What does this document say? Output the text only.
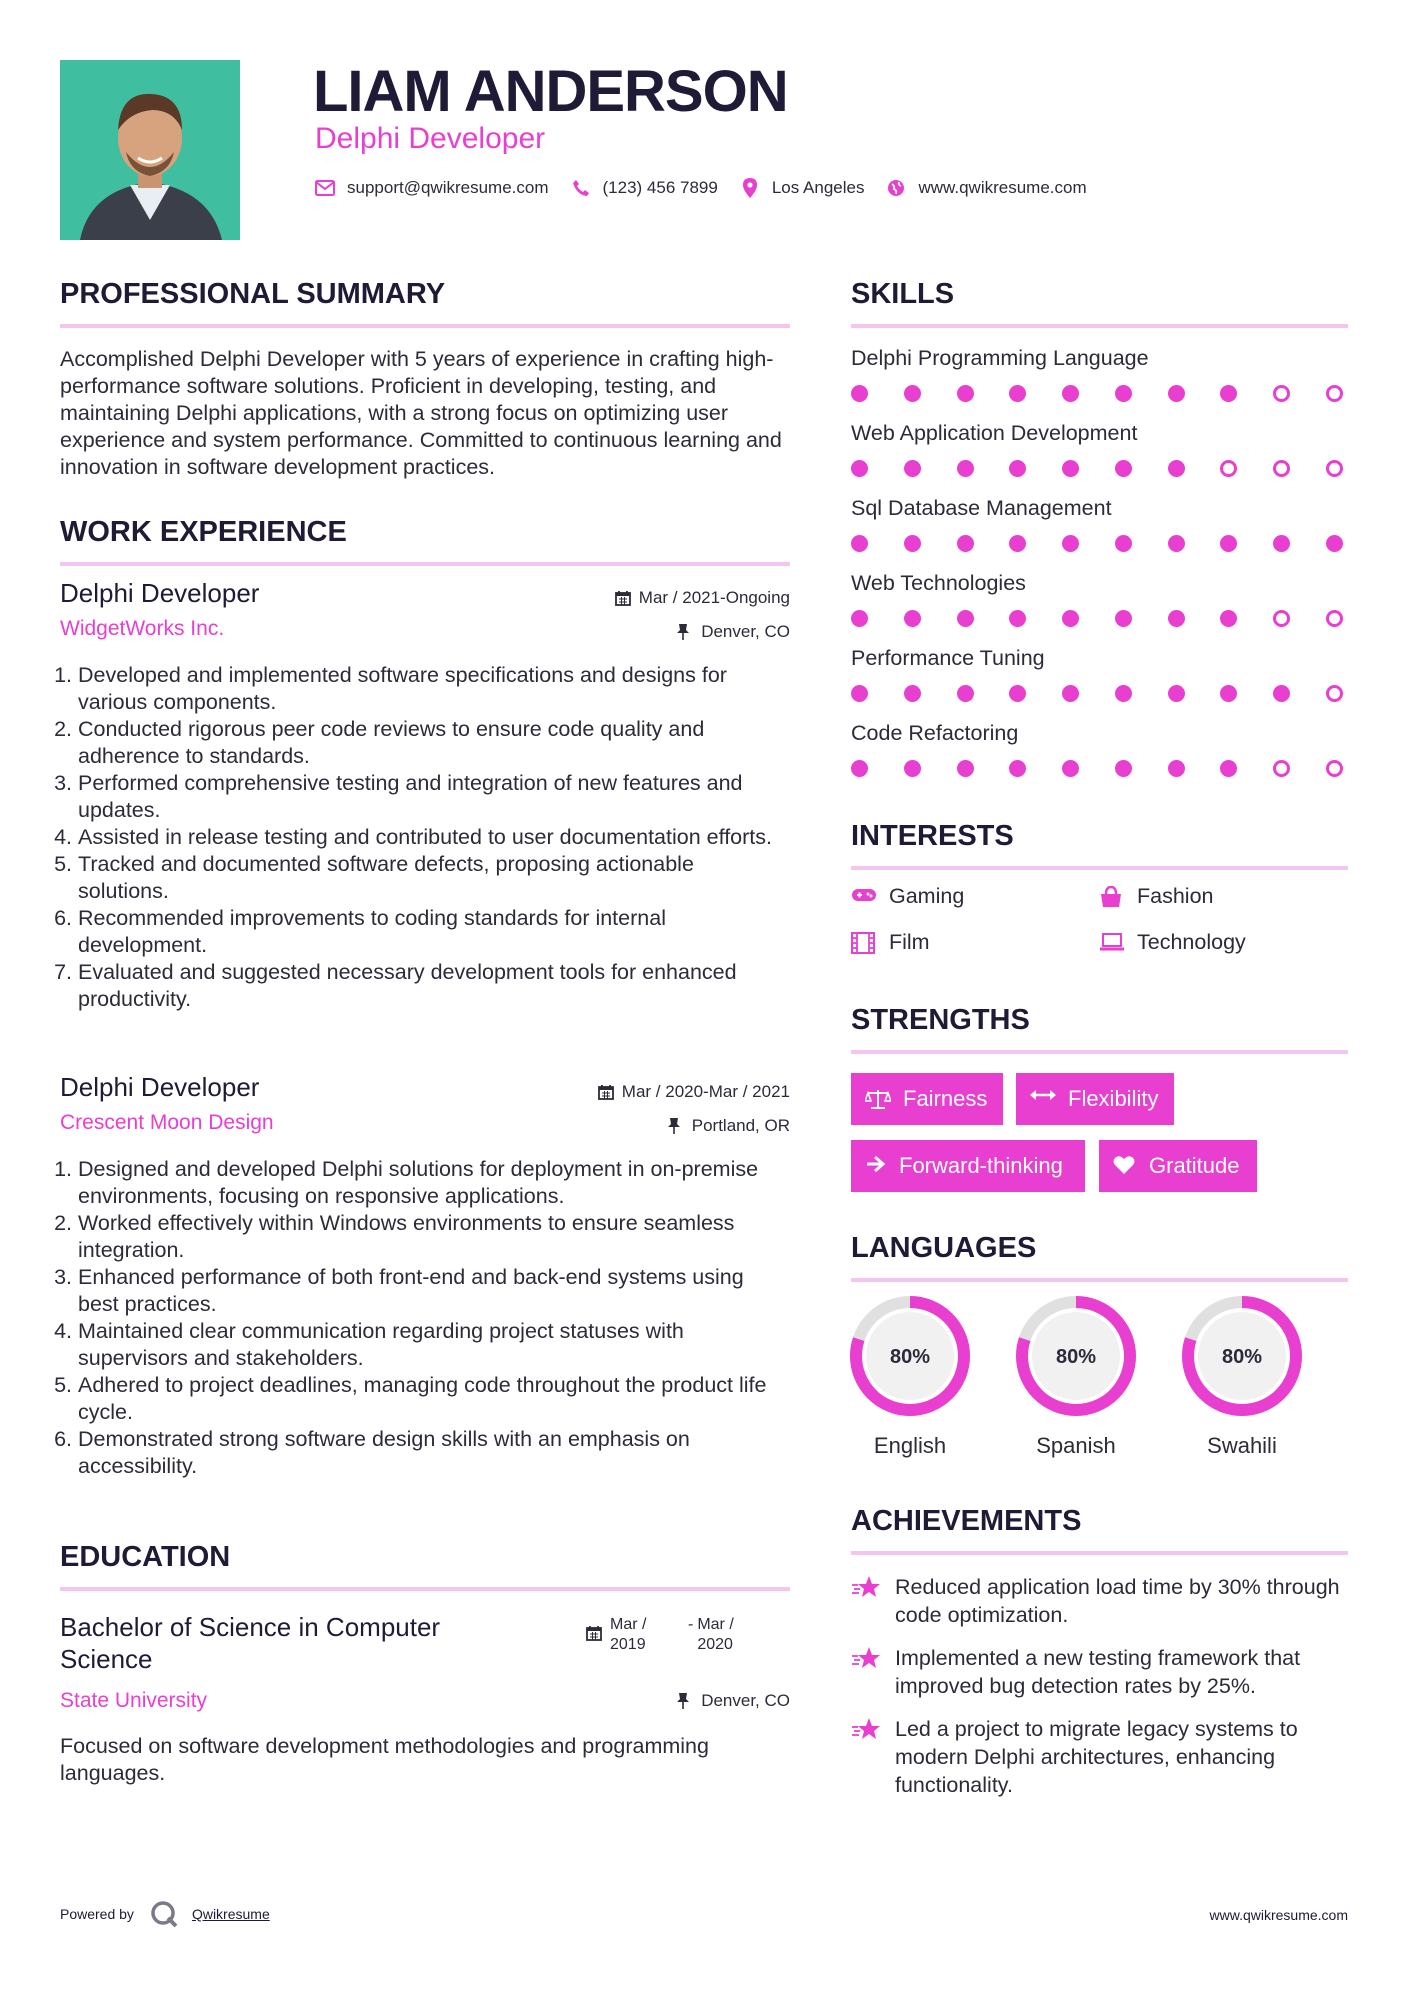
LIAM ANDERSON
Delphi Developer
support@qwikresume.com	(123) 456 7899	Los Angeles	www.qwikresume.com
PROFESSIONAL SUMMARY
Accomplished Delphi Developer with 5 years of experience in crafting high-performance software solutions. Proficient in developing, testing, and maintaining Delphi applications, with a strong focus on optimizing user experience and system performance. Committed to continuous learning and innovation in software development practices.
WORK EXPERIENCE
Delphi Developer
WidgetWorks Inc.
Mar / 2021-Ongoing
Denver, CO
1. Developed and implemented software specifications and designs for various components.
2. Conducted rigorous peer code reviews to ensure code quality and adherence to standards.
3. Performed comprehensive testing and integration of new features and updates.
4. Assisted in release testing and contributed to user documentation efforts.
5. Tracked and documented software defects, proposing actionable solutions.
6. Recommended improvements to coding standards for internal development.
7. Evaluated and suggested necessary development tools for enhanced productivity.
Delphi Developer
Crescent Moon Design
Mar / 2020-Mar / 2021
Portland, OR
1. Designed and developed Delphi solutions for deployment in on-premise environments, focusing on responsive applications.
2. Worked effectively within Windows environments to ensure seamless integration.
3. Enhanced performance of both front-end and back-end systems using best practices.
4. Maintained clear communication regarding project statuses with supervisors and stakeholders.
5. Adhered to project deadlines, managing code throughout the product life cycle.
6. Demonstrated strong software design skills with an emphasis on accessibility.
EDUCATION
Bachelor of Science in Computer Science
State University
Mar / 2019
- Mar / 2020
Denver, CO
Focused on software development methodologies and programming languages.
SKILLS
Delphi Programming Language
Web Application Development
Sql Database Management
Web Technologies
Performance Tuning
Code Refactoring
INTERESTS
Gaming	Fashion
Film	Technology
STRENGTHS
Fairness	Flexibility
Forward-thinking	Gratitude
LANGUAGES
80%
English
80%
Spanish
80%
Swahili
ACHIEVEMENTS
Reduced application load time by 30% through code optimization.
Implemented a new testing framework that improved bug detection rates by 25%.
Led a project to migrate legacy systems to modern Delphi architectures, enhancing functionality.
Powered by	Qwikresume	www.qwikresume.com
